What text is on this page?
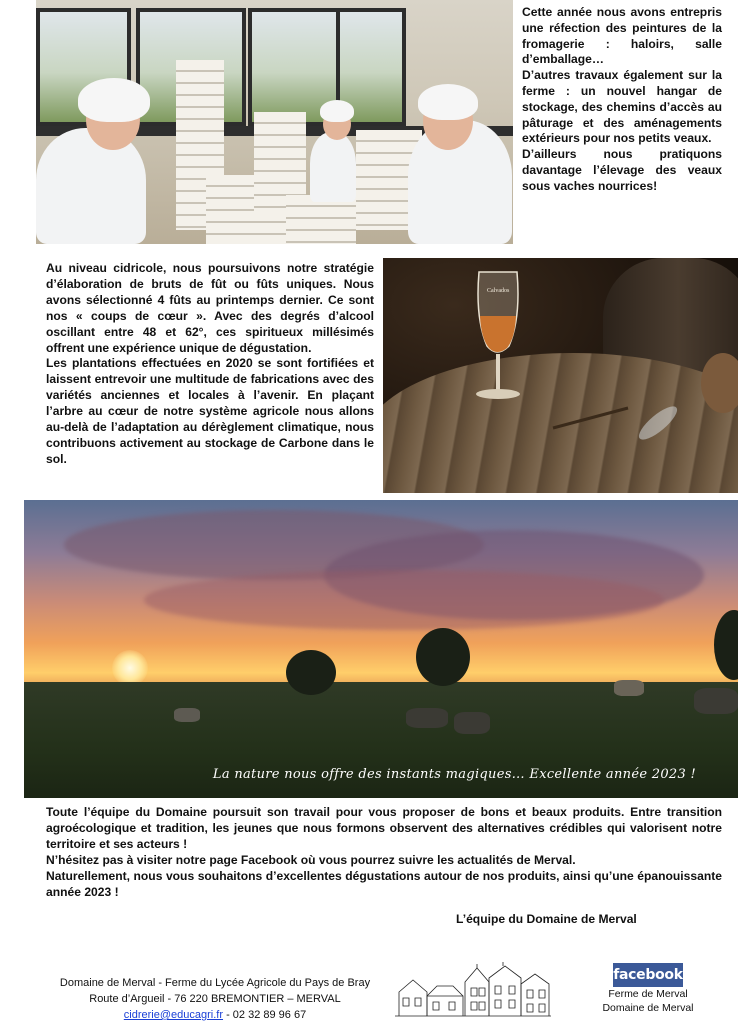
Cette année nous avons entrepris une réfection des peintures de la fromagerie : haloirs, salle d’emballage…

D’autres travaux également sur la ferme : un nouvel hangar de stockage, des chemins d’accès au pâturage et des aménagements extérieurs pour nos petits veaux.

D’ailleurs nous pratiquons davantage l’élevage des veaux sous vaches nourrices!

Au niveau cidricole, nous poursuivons notre stratégie d’élaboration de bruts de fût ou fûts uniques. Nous avons sélectionné 4 fûts au printemps dernier. Ce sont nos « coups de cœur ». Avec des degrés d’alcool oscillant entre 48 et 62°, ces spiritueux millésimés offrent une expérience unique de dégustation.

Les plantations effectuées en 2020 se sont fortifiées et laissent entrevoir une multitude de fabrications avec des variétés anciennes et locales à l’avenir. En plaçant l’arbre au cœur de notre système agricole nous allons au-delà de l’adaptation au dérèglement climatique, nous contribuons activement au stockage de Carbone dans le sol.

Calvados
La nature nous offre des instants magiques… Excellente année 2023 !

Toute l’équipe du Domaine poursuit son travail pour vous proposer de bons et beaux produits. Entre transition agroécologique et tradition, les jeunes que nous formons observent des alternatives crédibles qui valorisent notre territoire et ses acteurs !

N’hésitez pas à visiter notre page Facebook où vous pourrez suivre les actualités de Merval.

Naturellement, nous vous souhaitons d’excellentes dégustations autour de nos produits, ainsi qu’une épanouissante année 2023 !

L’équipe du Domaine de Merval
Domaine de Merval - Ferme du Lycée Agricole du Pays de Bray
Route d’Argueil - 76 220 BREMONTIER – MERVAL
cidrerie@educagri.fr - 02 32 89 96 67
facebook
Ferme de Merval
Domaine de Merval
